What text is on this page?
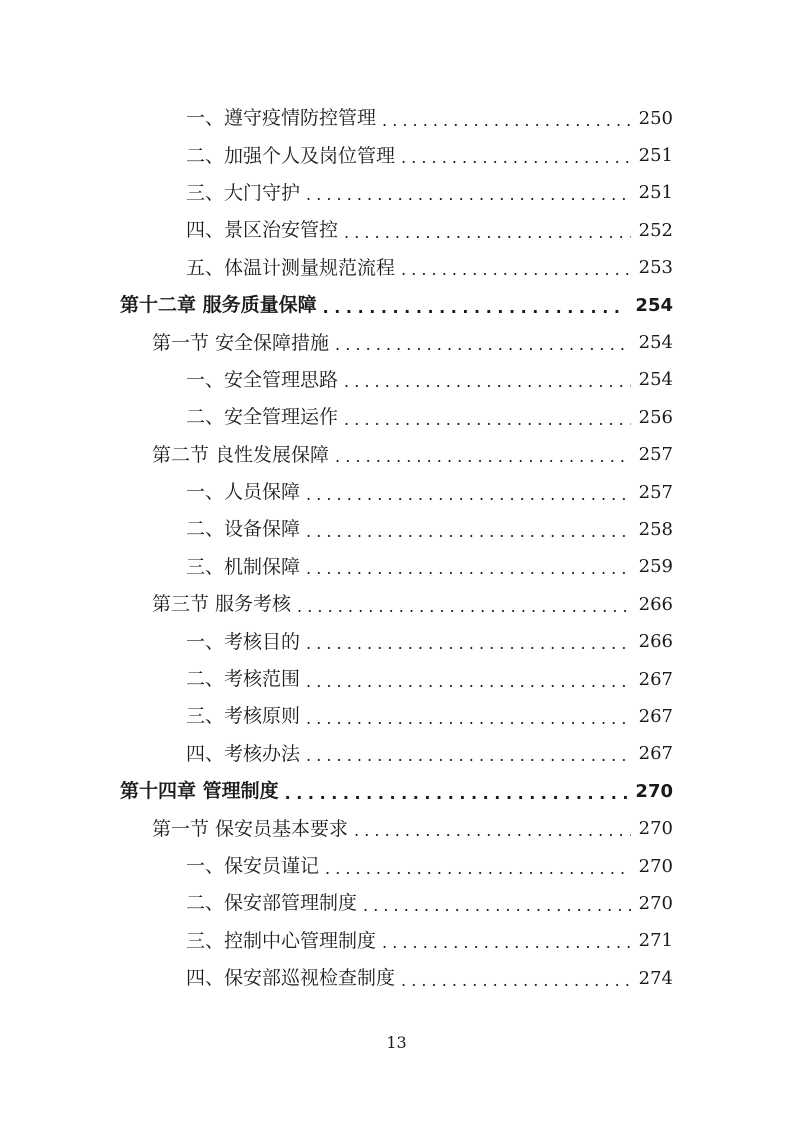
一、遵守疫情防控管理 . . .	250
二、加强个人及岗位管理 . . .	251
三、大门守护 . . .	251
四、景区治安管控 . . .	252
五、体温计测量规范流程 . . .	253
第十二章 服务质量保障 . . .	254
第一节 安全保障措施 . . .	254
一、安全管理思路 . . .	254
二、安全管理运作 . . .	256
第二节 良性发展保障 . . .	257
一、人员保障 . . .	257
二、设备保障 . . .	258
三、机制保障 . . .	259
第三节 服务考核 . . .	266
一、考核目的 . . .	266
二、考核范围 . . .	267
三、考核原则 . . .	267
四、考核办法 . . .	267
第十四章 管理制度 . . .	270
第一节 保安员基本要求 . . .	270
一、保安员谨记 . . .	270
二、保安部管理制度 . . .	270
三、控制中心管理制度 . . .	271
四、保安部巡视检查制度 . . .	274
13
